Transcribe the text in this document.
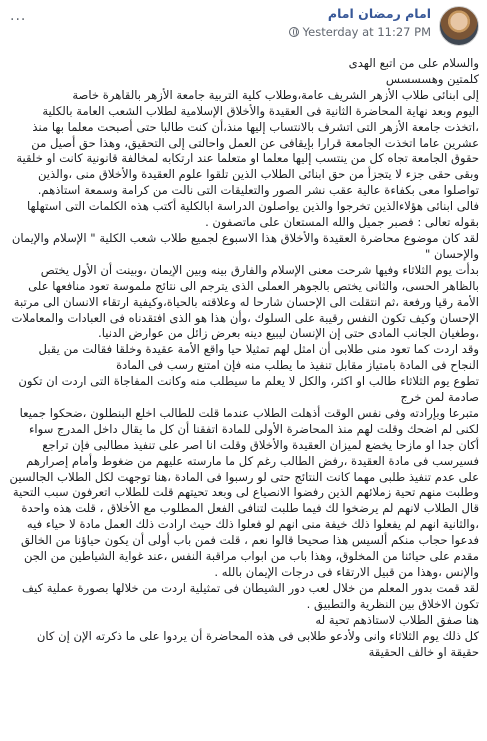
امام رمضان امام
Yesterday at 11:27 PM
···

والسلام على من اتبع الهدى

كلمتين وهسسسس

إلى ابنائى طلاب الأزهر الشريف عامة،وطلاب كلية التربية جامعة الأزهر بالقاهرة خاصة

اليوم وبعد نهاية المحاضرة الثانية فى العقيدة والأخلاق الإسلامية لطلاب الشعب العامة بالكلية ،اتخذت جامعة الأزهر التى اتشرف بالانتساب إليها منذ،أن كنت طالبا حتى أصبحت معلما بها منذ عشرين عاما اتخذت الجامعة قرارا بإيقافى عن العمل واحالتى إلى التحقيق، وهذا حق أصيل من حقوق الجامعة تجاه كل من ينتسب إليها معلما او متعلما عند ارتكابه لمخالفة قانونية كانت او خلقية

وبقى حقى جزء لا يتجزأ من حق ابنائى الطلاب الذين تلقوا علوم العقيدة والأخلاق منى ،والذين تواصلوا معى بكفاءة عالية عقب نشر الصور والتعليقات التى نالت من كرامة وسمعة استاذهم.

فالى ابنائى هؤلاءالذين تخرجوا والذين يواصلون الدراسة ابالكلية أكتب هذه الكلمات التى استهلها بقوله تعالى : فصبر جميل والله المستعان على ماتصفون .

لقد كان موضوع محاضرة العقيدة والأخلاق هذا الاسبوع لجميع طلاب شعب الكلية " الإسلام والإيمان والإحسان "

بدأت يوم الثلاثاء وفيها شرحت معنى الإسلام والفارق بينه وبين الإيمان ،وبينت أن الأول يختص بالظاهر الحسى، والثانى يختص بالجوهر العملى الذى يترجم الى نتائج ملموسة تعود منافعها على الأمة رقيا ورفعة ،ثم انتقلت الى الإحسان شارحا له وعلاقته بالحياة،وكيفية ارتقاء الانسان الى مرتبة الإحسان وكيف تكون النفس رقيبة على السلوك ،وأن هذا هو الذى افتقدناه فى العبادات والمعاملات ،وطغيان الجانب المادى حتى إن الإنسان ليبيع دينه بعرض زائل من عوارض الدنيا.

وقد اردت كما تعود منى طلابى أن امثل لهم تمثيلا حيا واقع الأمة عقيدة وخلقا فقالت من يقبل النجاح فى المادة بامتياز مقابل تنفيذ ما يطلب منه فإن امتنع رسب فى المادة

تطوع يوم الثلاثاء طالب او اكثر، والكل لا يعلم ما سيطلب منه وكانت المفاجاة التى اردت ان تكون صادمة لمن خرج

متبرعا وبإرادته وفى نفس الوقت أذهلت الطلاب عندما قلت للطالب اخلع البنطلون ،ضحكوا جميعا لكنى لم اضحك وقلت لهم منذ المحاضرة الأولى للمادة اتفقنا أن كل ما يقال داخل المدرج سواء أكان جدا او مازحا يخضع لميزان العقيدة والأخلاق وقلت انا اصر على تنفيذ مطالبى فإن تراجع فسيرسب فى مادة العقيدة ،رفض الطالب رغم كل ما مارسته عليهم من ضغوط وأمام إصرارهم على عدم تنفيذ طلبى مهما كانت النتائج حتى لو رسبوا فى المادة ،هنا توجهت لكل الطلاب الجالسين وطلبت منهم تحية زملائهم الذين رفضوا الانصياع لى وبعد تحيتهم قلت للطلاب اتعرفون سبب التحية قال الطلاب لانهم لم يرضخوا لك فيما طلبت لتنافى الفعل المطلوب مع الأخلاق ، قلت هذه واحدة ،والثانية انهم لم يفعلوا ذلك خيفة منى انهم لو فعلوا ذلك حيث ارادت ذلك العمل مادة لا حياء فيه فدعوا حجاب منكم ألسيس هذا صحيحا قالوا نعم ، قلت فمن باب أولى أن يكون حياؤنا من الخالق مقدم على حيائنا من المخلوق، وهذا باب من ابواب مراقبة النفس ،عند غواية الشياطين من الجن والإنس ،وهذا من قبيل الارتقاء فى درجات الإيمان بالله .

لقد قمت بدور المعلم من خلال لعب دور الشيطان فى تمثيلية اردت من خلالها بصورة عملية كيف تكون الاخلاق بين النظرية والتطبيق .

هنا صفق الطلاب لاستاذهم تحية له

كل ذلك يوم الثلاثاء وانى ولأدعو طلابى فى هذه المحاضرة أن يردوا على ما ذكرته الإن إن كان حقيقة او خالف الحقيقة
